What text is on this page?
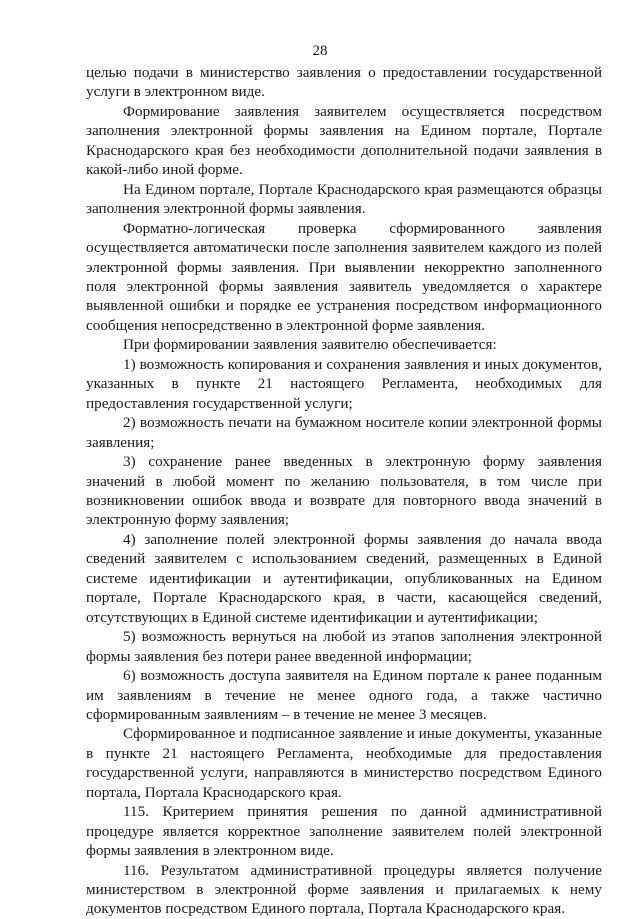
28

целью подачи в министерство заявления о предоставлении государственной услуги в электронном виде.

Формирование заявления заявителем осуществляется посредством заполнения электронной формы заявления на Едином портале, Портале Краснодарского края без необходимости дополнительной подачи заявления в какой-либо иной форме.

На Едином портале, Портале Краснодарского края размещаются образцы заполнения электронной формы заявления.

Форматно-логическая проверка сформированного заявления осуществляется автоматически после заполнения заявителем каждого из полей электронной формы заявления. При выявлении некорректно заполненного поля электронной формы заявления заявитель уведомляется о характере выявленной ошибки и порядке ее устранения посредством информационного сообщения непосредственно в электронной форме заявления.

При формировании заявления заявителю обеспечивается:

1) возможность копирования и сохранения заявления и иных документов, указанных в пункте 21 настоящего Регламента, необходимых для предоставления государственной услуги;

2) возможность печати на бумажном носителе копии электронной формы заявления;

3) сохранение ранее введенных в электронную форму заявления значений в любой момент по желанию пользователя, в том числе при возникновении ошибок ввода и возврате для повторного ввода значений в электронную форму заявления;

4) заполнение полей электронной формы заявления до начала ввода сведений заявителем с использованием сведений, размещенных в Единой системе идентификации и аутентификации, опубликованных на Едином портале, Портале Краснодарского края, в части, касающейся сведений, отсутствующих в Единой системе идентификации и аутентификации;

5) возможность вернуться на любой из этапов заполнения электронной формы заявления без потери ранее введенной информации;

6) возможность доступа заявителя на Едином портале к ранее поданным им заявлениям в течение не менее одного года, а также частично сформированным заявлениям – в течение не менее 3 месяцев.

Сформированное и подписанное заявление и иные документы, указанные в пункте 21 настоящего Регламента, необходимые для предоставления государственной услуги, направляются в министерство посредством Единого портала, Портала Краснодарского края.

115. Критерием принятия решения по данной административной процедуре является корректное заполнение заявителем полей электронной формы заявления в электронном виде.

116. Результатом административной процедуры является получение министерством в электронной форме заявления и прилагаемых к нему документов посредством Единого портала, Портала Краснодарского края.
